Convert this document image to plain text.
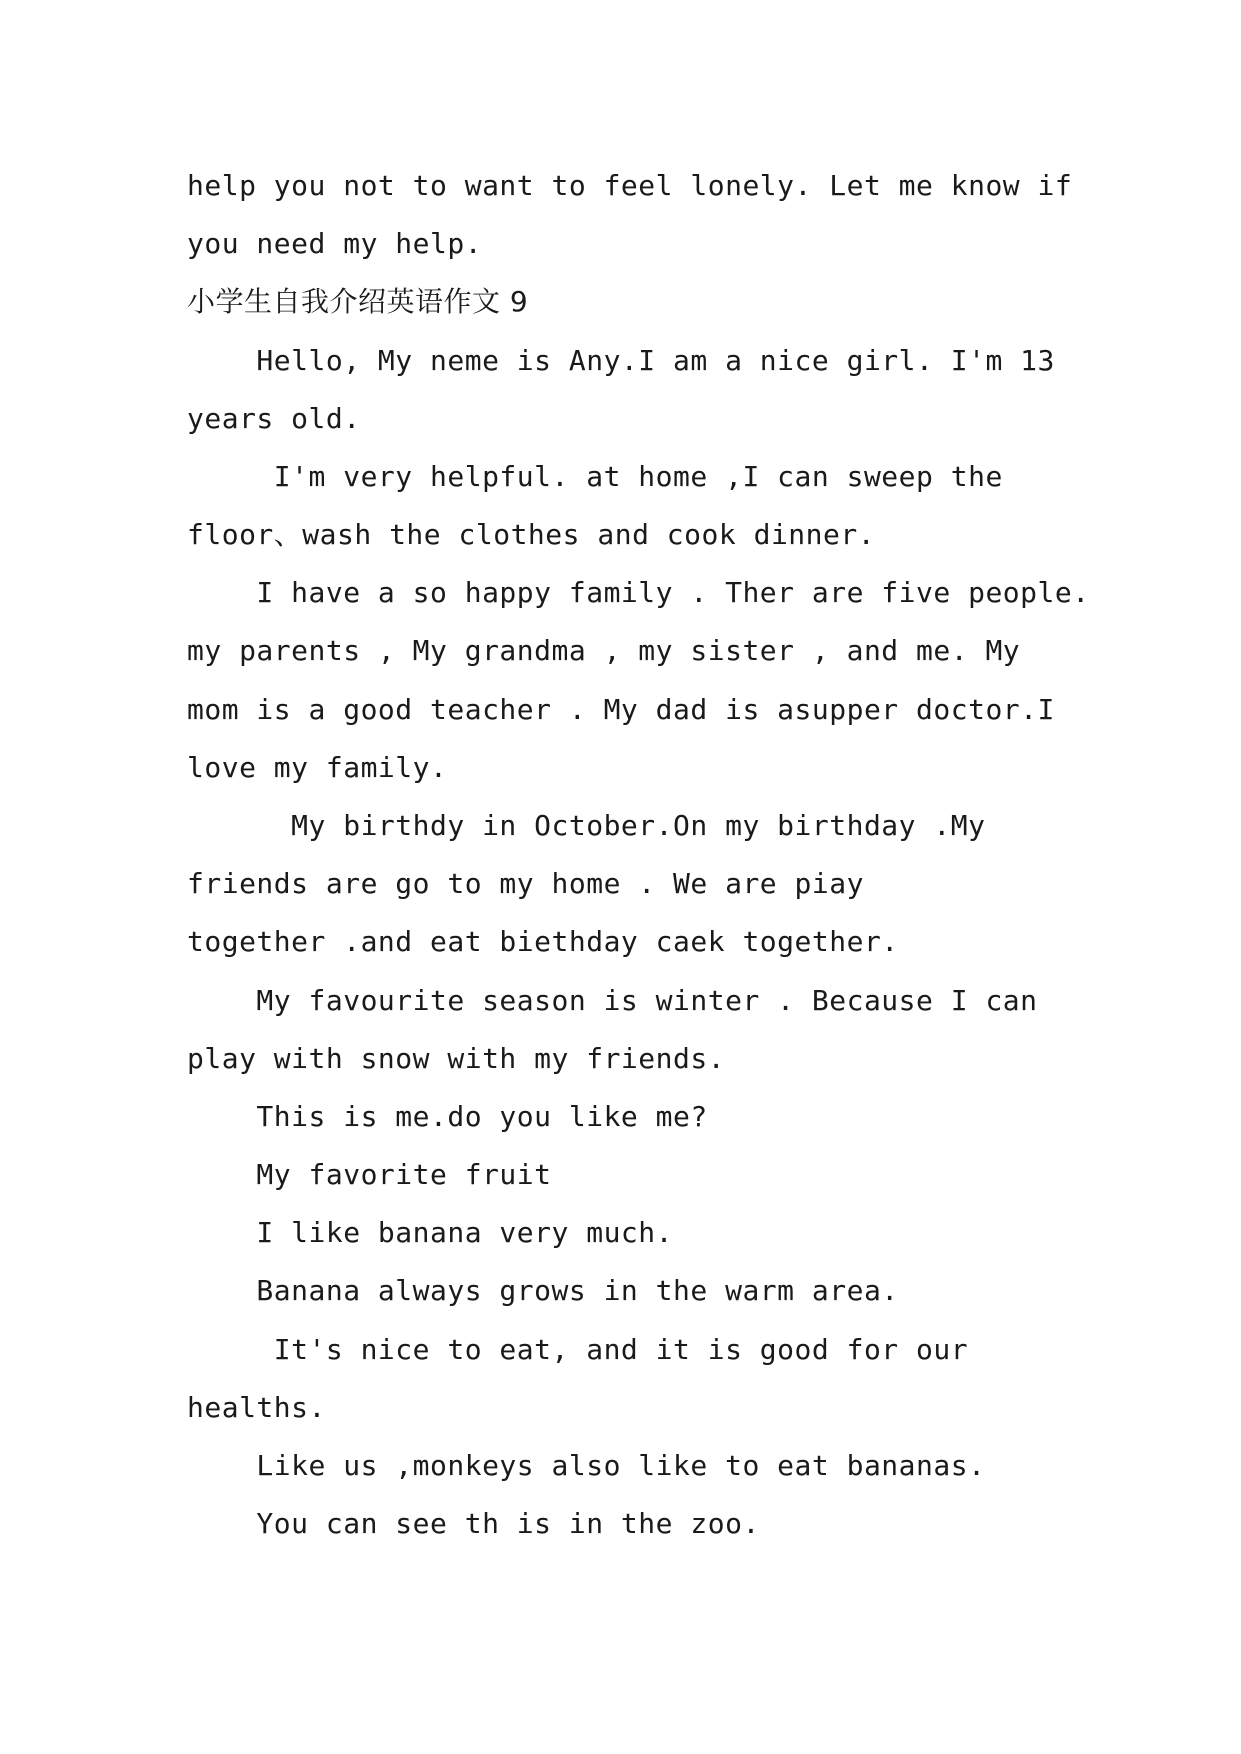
help you not to want to feel lonely. Let me know if
you need my help.
小学生自我介绍英语作文 9
Hello, My neme is Any.I am a nice girl. I'm 13
years old.
I'm very helpful. at home ,I can sweep the
floor、wash the clothes and cook dinner.
I have a so happy family . Ther are five people.
my parents , My grandma , my sister , and me. My
mom is a good teacher . My dad is asupper doctor.I
love my family.
My birthdy in October.On my birthday .My
friends are go to my home . We are piay
together .and eat biethday caek together.
My favourite season is winter . Because I can
play with snow with my friends.
This is me.do you like me?
My favorite fruit
I like banana very much.
Banana always grows in the warm area.
It's nice to eat, and it is good for our
healths.
Like us ,monkeys also like to eat bananas.
You can see th is in the zoo.
